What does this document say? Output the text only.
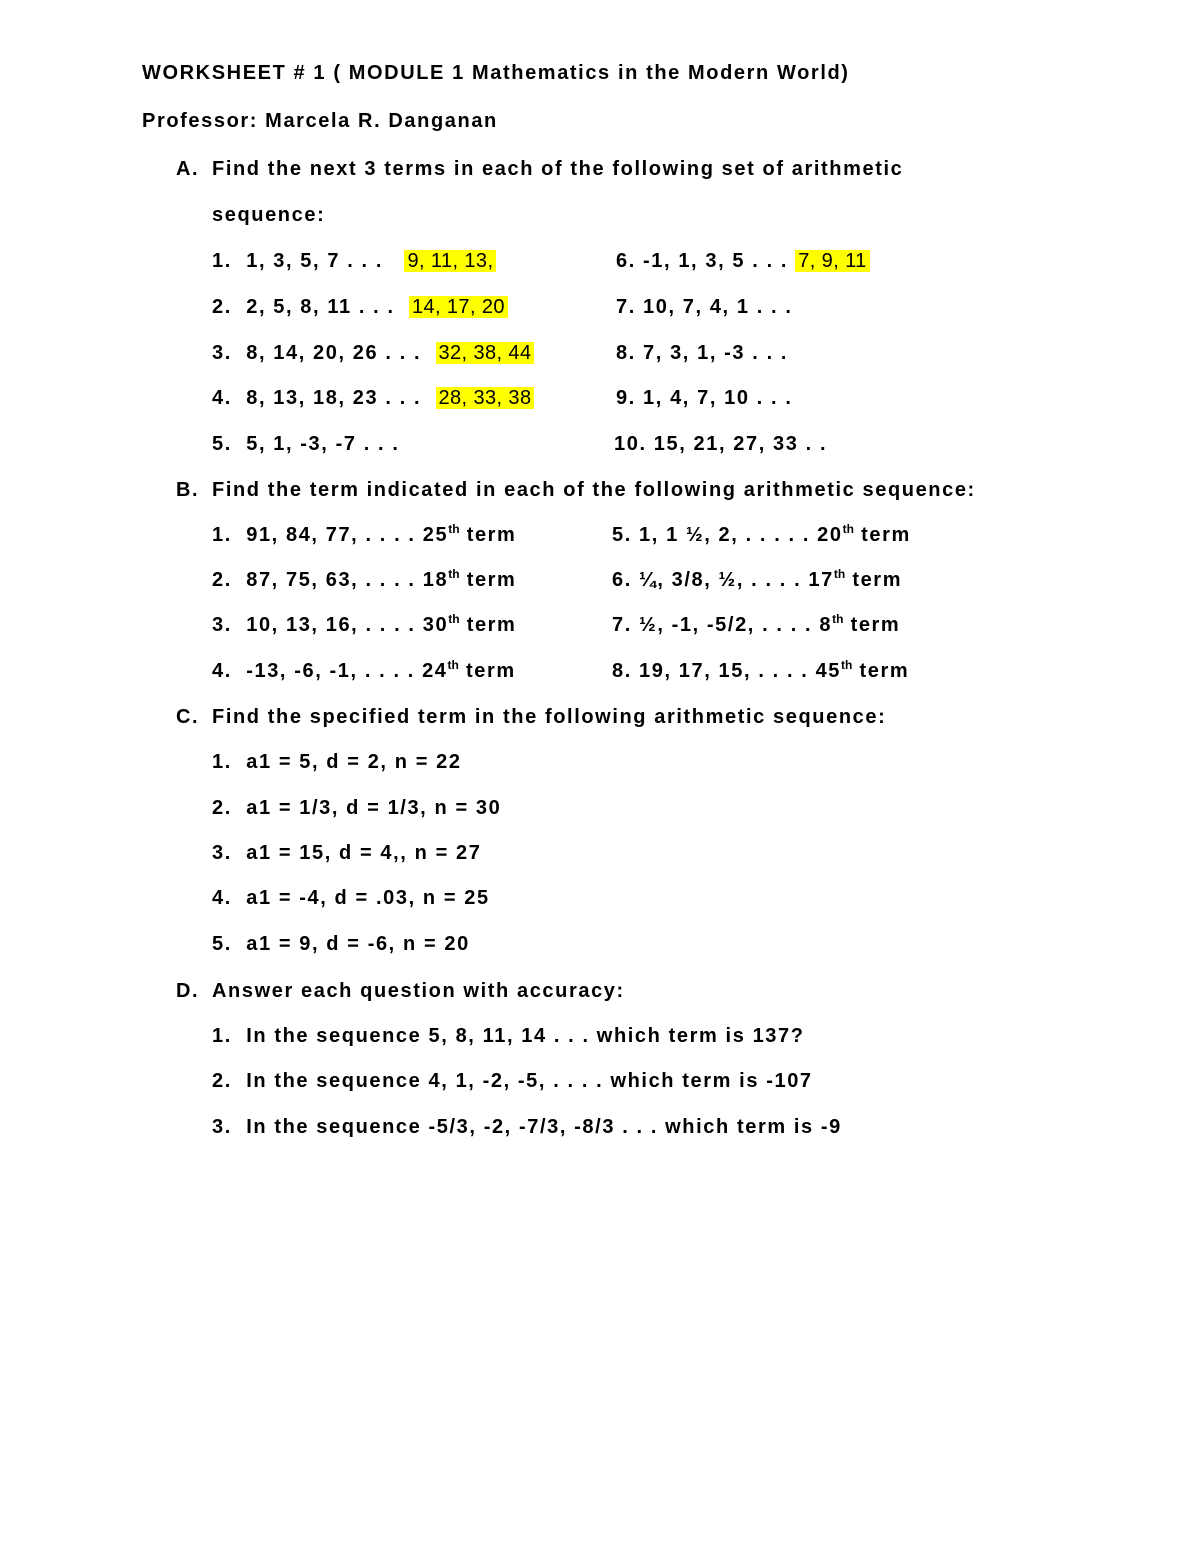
WORKSHEET # 1 ( MODULE 1 Mathematics in the Modern World)
Professor: Marcela R. Danganan
A. Find the next 3 terms in each of the following set of arithmetic
sequence:
1. 1, 3, 5, 7 . . . 9, 11, 13,
2. 2, 5, 8, 11 . . . 14, 17, 20
3. 8, 14, 20, 26 . . . 32, 38, 44
4. 8, 13, 18, 23 . . . 28, 33, 38
5. 5, 1, -3, -7 . . .
6. -1, 1, 3, 5 . . . 7, 9, 11
7. 10, 7, 4, 1 . . .
8. 7, 3, 1, -3 . . .
9. 1, 4, 7, 10 . . .
10. 15, 21, 27, 33 . .
B. Find the term indicated in each of the following arithmetic sequence:
1. 91, 84, 77, . . . . 25th term
2. 87, 75, 63, . . . . 18th term
3. 10, 13, 16, . . . . 30th term
4. -13, -6, -1, . . . . 24th term
5. 1, 1 ½, 2, . . . . . 20th term
6. ¼, 3/8, ½, . . . . 17th term
7. ½, -1, -5/2, . . . . 8th term
8. 19, 17, 15, . . . . 45th term
C. Find the specified term in the following arithmetic sequence:
1. a1 = 5, d = 2, n = 22
2. a1 = 1/3, d = 1/3, n = 30
3. a1 = 15, d = 4,, n = 27
4. a1 = -4, d = .03, n = 25
5. a1 = 9, d = -6, n = 20
D. Answer each question with accuracy:
1. In the sequence 5, 8, 11, 14 . . . which term is 137?
2. In the sequence 4, 1, -2, -5, . . . . which term is -107
3. In the sequence -5/3, -2, -7/3, -8/3 . . . which term is -9
